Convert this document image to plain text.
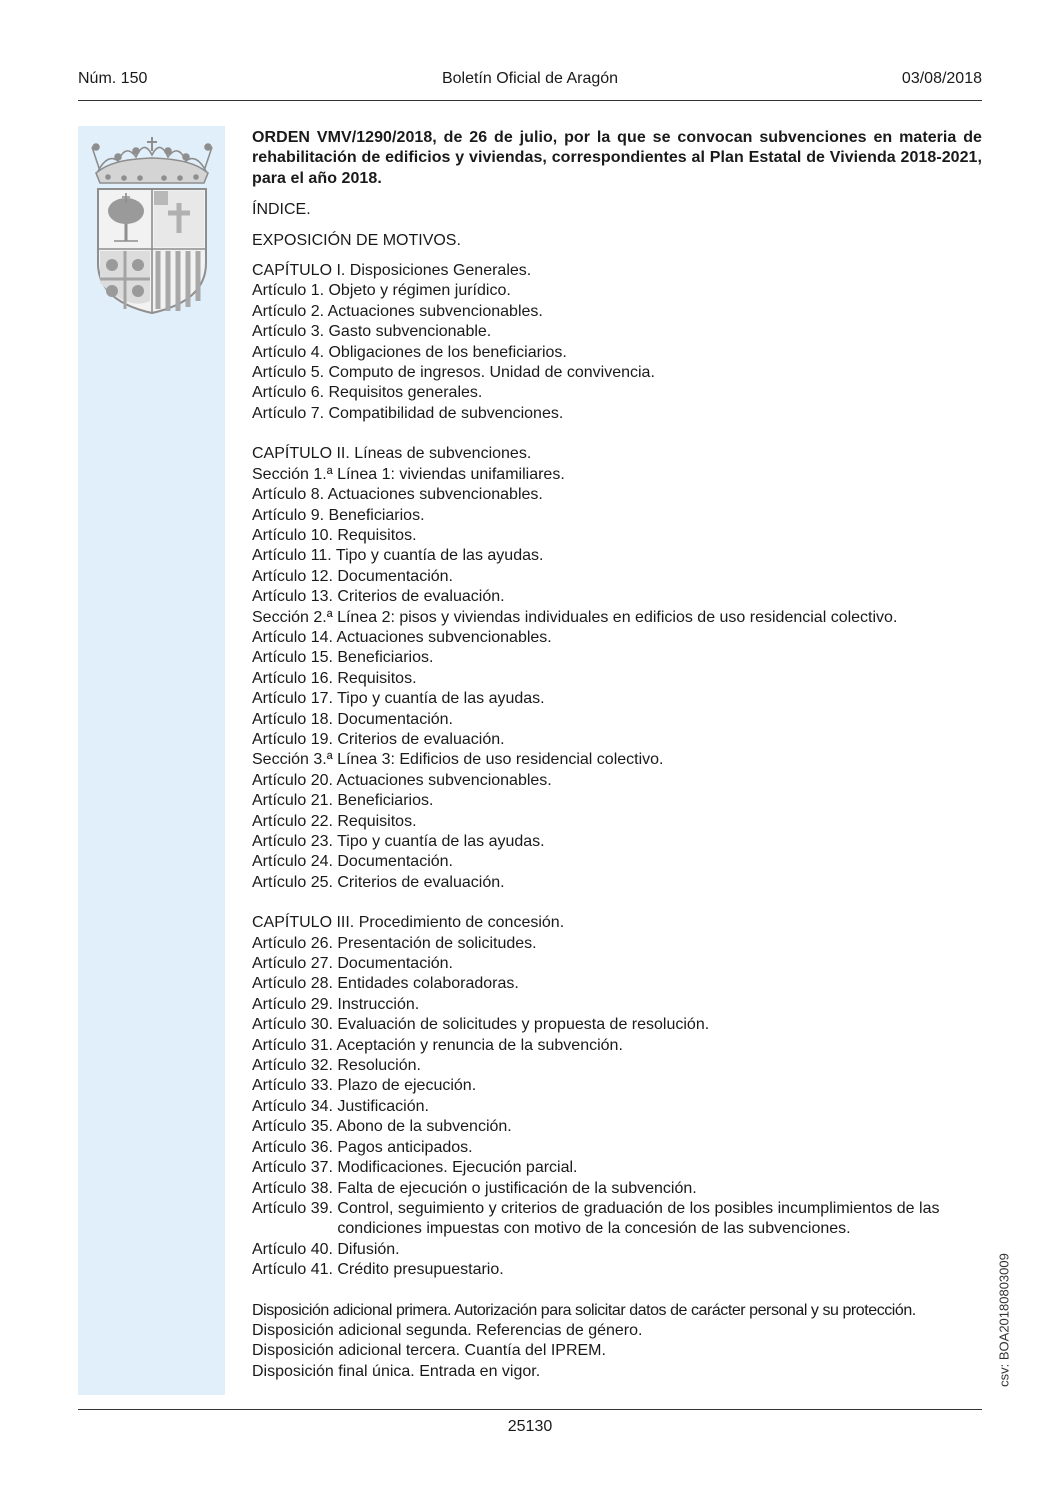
Núm. 150	Boletín Oficial de Aragón	03/08/2018
ORDEN VMV/1290/2018, de 26 de julio, por la que se convocan subvenciones en materia de rehabilitación de edificios y viviendas, correspondientes al Plan Estatal de Vivienda 2018-2021, para el año 2018.
ÍNDICE.
EXPOSICIÓN DE MOTIVOS.
CAPÍTULO I. Disposiciones Generales.
Artículo 1. Objeto y régimen jurídico.
Artículo 2. Actuaciones subvencionables.
Artículo 3. Gasto subvencionable.
Artículo 4. Obligaciones de los beneficiarios.
Artículo 5. Computo de ingresos. Unidad de convivencia.
Artículo 6. Requisitos generales.
Artículo 7. Compatibilidad de subvenciones.
CAPÍTULO II. Líneas de subvenciones.
Sección 1.ª Línea 1: viviendas unifamiliares.
Artículo 8. Actuaciones subvencionables.
Artículo 9. Beneficiarios.
Artículo 10. Requisitos.
Artículo 11. Tipo y cuantía de las ayudas.
Artículo 12. Documentación.
Artículo 13. Criterios de evaluación.
Sección 2.ª Línea 2: pisos y viviendas individuales en edificios de uso residencial colectivo.
Artículo 14. Actuaciones subvencionables.
Artículo 15. Beneficiarios.
Artículo 16. Requisitos.
Artículo 17. Tipo y cuantía de las ayudas.
Artículo 18. Documentación.
Artículo 19. Criterios de evaluación.
Sección 3.ª Línea 3: Edificios de uso residencial colectivo.
Artículo 20. Actuaciones subvencionables.
Artículo 21. Beneficiarios.
Artículo 22. Requisitos.
Artículo 23. Tipo y cuantía de las ayudas.
Artículo 24. Documentación.
Artículo 25. Criterios de evaluación.
CAPÍTULO III. Procedimiento de concesión.
Artículo 26. Presentación de solicitudes.
Artículo 27. Documentación.
Artículo 28. Entidades colaboradoras.
Artículo 29. Instrucción.
Artículo 30. Evaluación de solicitudes y propuesta de resolución.
Artículo 31. Aceptación y renuncia de la subvención.
Artículo 32. Resolución.
Artículo 33. Plazo de ejecución.
Artículo 34. Justificación.
Artículo 35. Abono de la subvención.
Artículo 36. Pagos anticipados.
Artículo 37. Modificaciones. Ejecución parcial.
Artículo 38. Falta de ejecución o justificación de la subvención.
Artículo 39.
Control, seguimiento y criterios de graduación de los posibles incumplimientos de las condiciones impuestas con motivo de la concesión de las subvenciones.
Artículo 40. Difusión.
Artículo 41. Crédito presupuestario.
Disposición adicional primera. Autorización para solicitar datos de carácter personal y su protección.
Disposición adicional segunda. Referencias de género.
Disposición adicional tercera. Cuantía del IPREM.
Disposición final única. Entrada en vigor.	csv: BOA20180803009
25130
